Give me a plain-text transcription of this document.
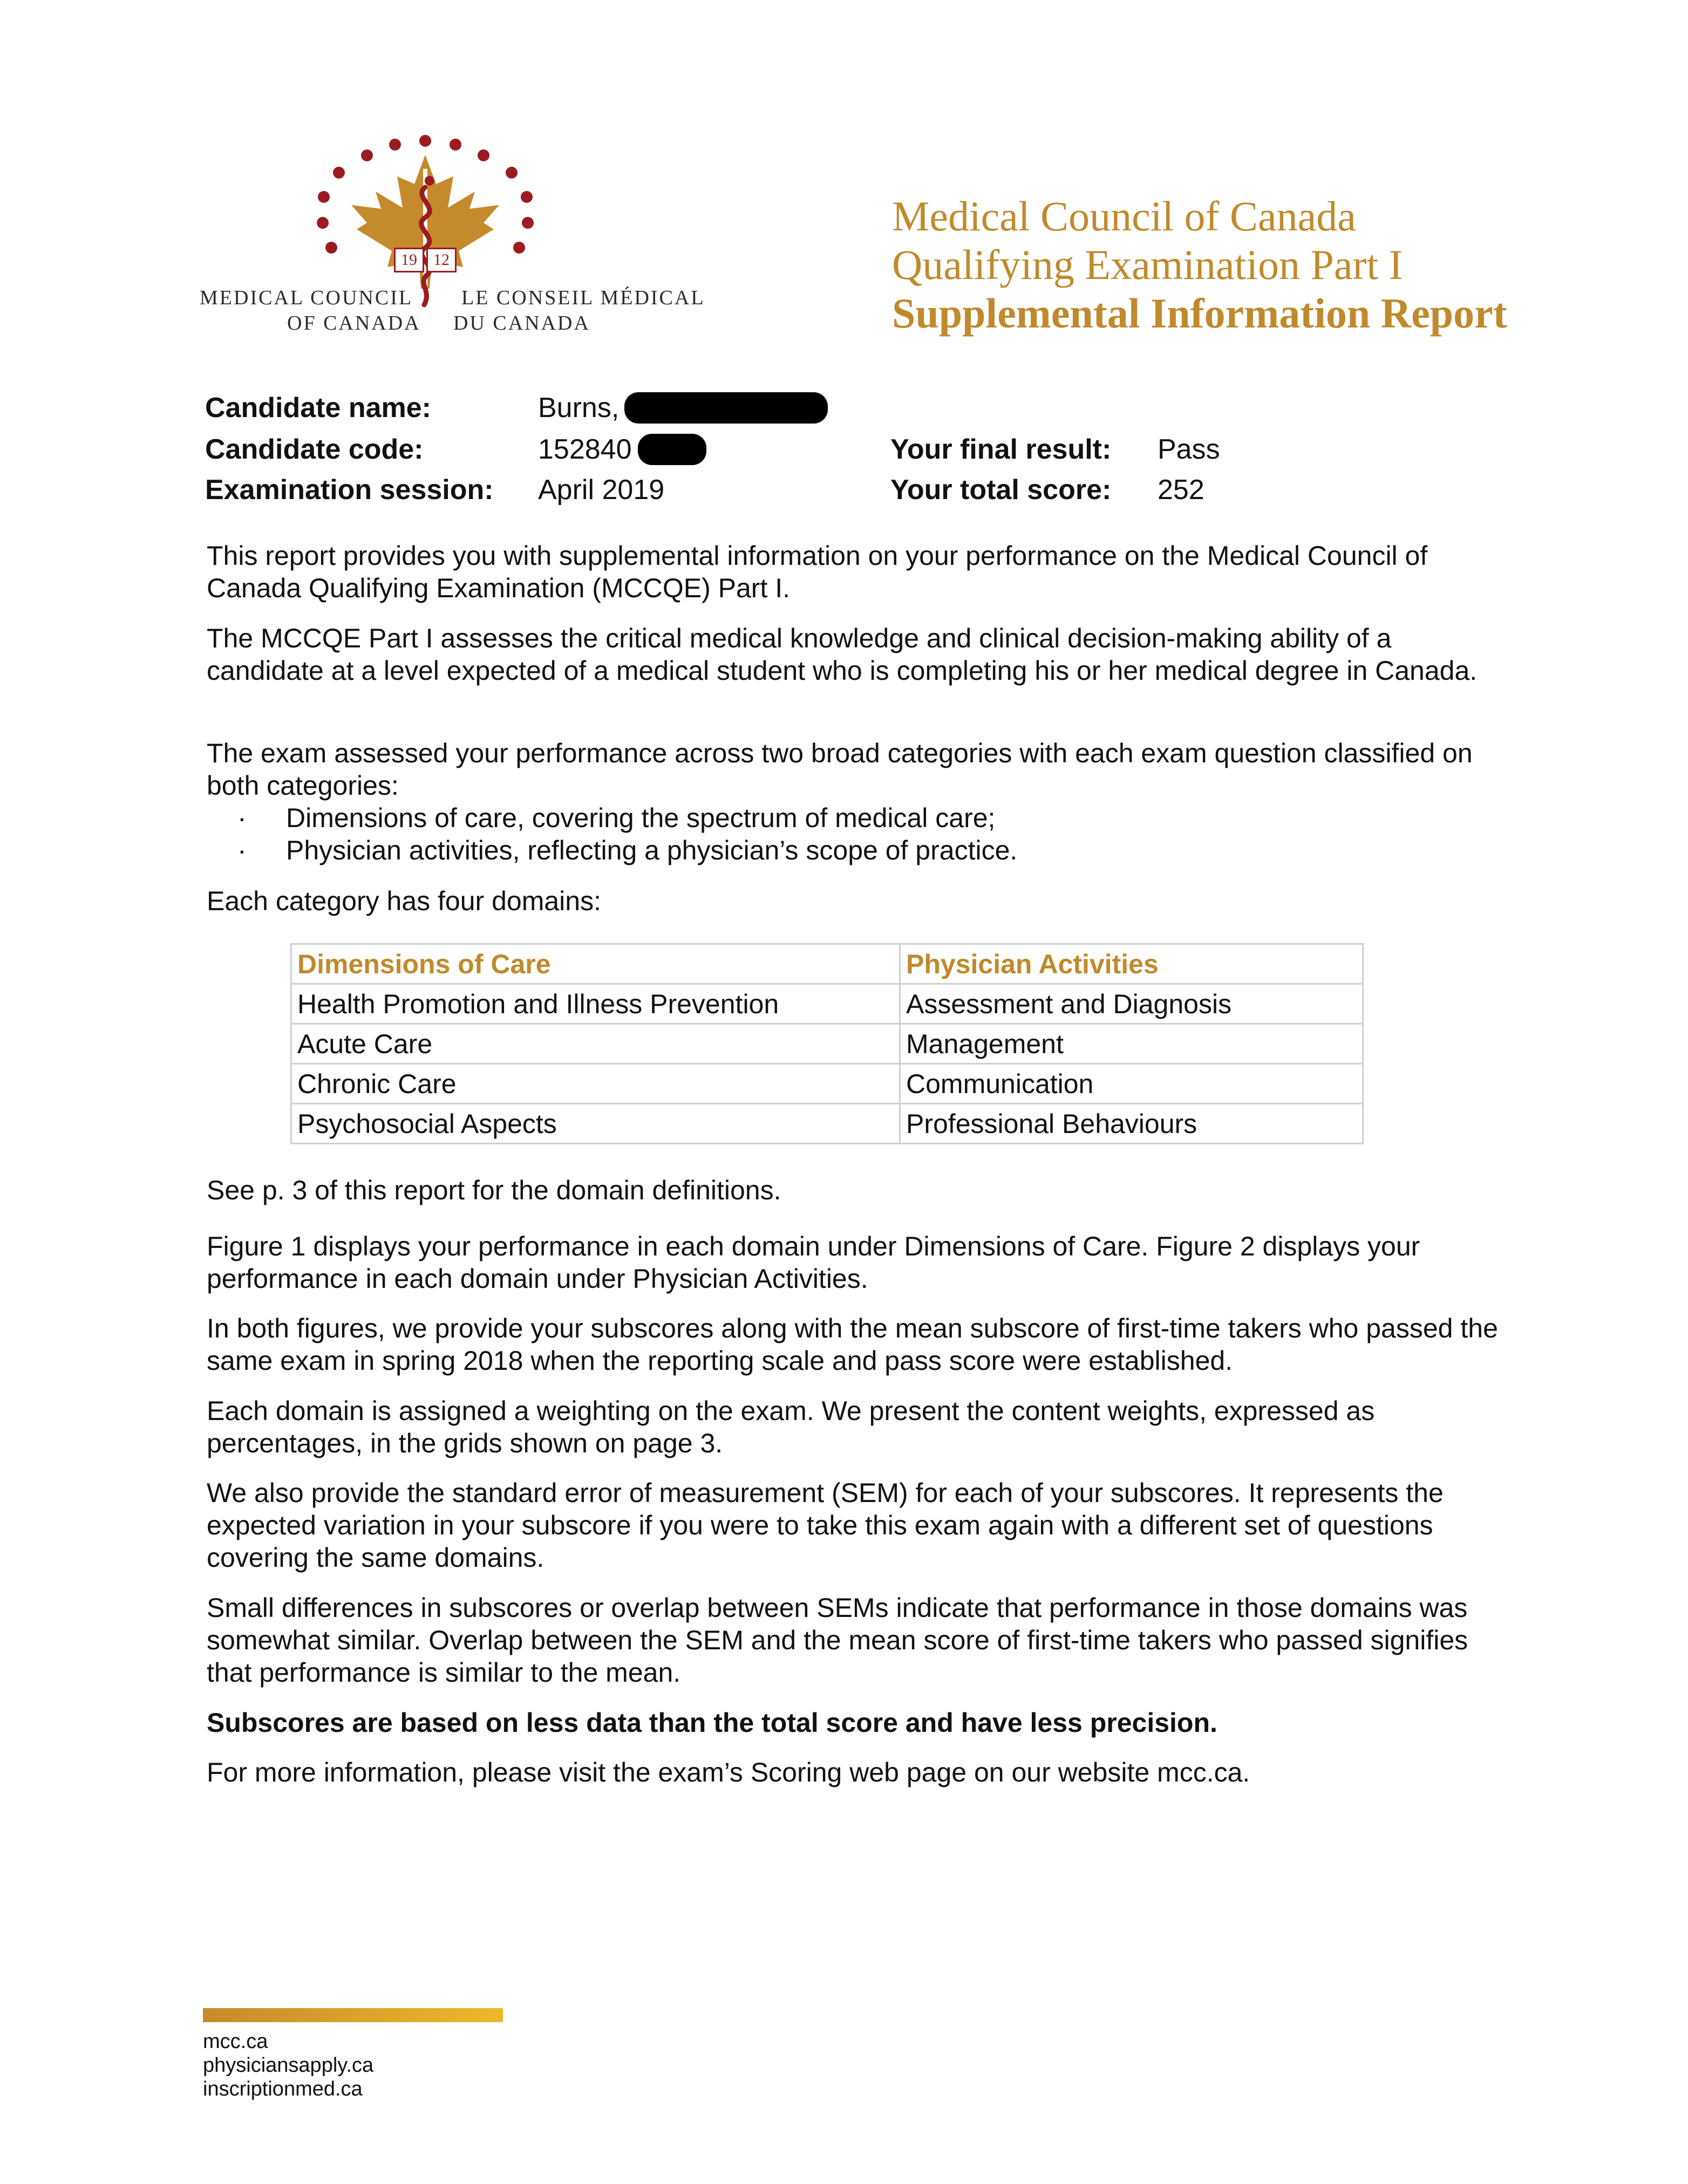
19	12
MEDICAL COUNCIL
OF CANADA
LE CONSEIL MÉDICAL
DU CANADA
Medical Council of Canada
Qualifying Examination Part I
Supplemental Information Report
Candidate name:	Burns,
Candidate code:	152840
Examination session: April 2019
Your final result: Pass
Your total score: 252

This report provides you with supplemental information on your performance on the Medical Council of Canada Qualifying Examination (MCCQE) Part I.

The MCCQE Part I assesses the critical medical knowledge and clinical decision-making ability of a candidate at a level expected of a medical student who is completing his or her medical degree in Canada.

The exam assessed your performance across two broad categories with each exam question classified on both categories:

· Dimensions of care, covering the spectrum of medical care;
· Physician activities, reflecting a physician’s scope of practice.

Each category has four domains:

Dimensions of Care	Physician Activities
Health Promotion and Illness Prevention	Assessment and Diagnosis
Acute Care	Management
Chronic Care	Communication
Psychosocial Aspects	Professional Behaviours

See p. 3 of this report for the domain definitions.

Figure 1 displays your performance in each domain under Dimensions of Care. Figure 2 displays your performance in each domain under Physician Activities.

In both figures, we provide your subscores along with the mean subscore of first-time takers who passed the same exam in spring 2018 when the reporting scale and pass score were established.

Each domain is assigned a weighting on the exam. We present the content weights, expressed as percentages, in the grids shown on page 3.

We also provide the standard error of measurement (SEM) for each of your subscores. It represents the expected variation in your subscore if you were to take this exam again with a different set of questions covering the same domains.

Small differences in subscores or overlap between SEMs indicate that performance in those domains was somewhat similar. Overlap between the SEM and the mean score of first-time takers who passed signifies that performance is similar to the mean.

Subscores are based on less data than the total score and have less precision.

For more information, please visit the exam’s Scoring web page on our website mcc.ca.

mcc.ca
physiciansapply.ca
inscriptionmed.ca
